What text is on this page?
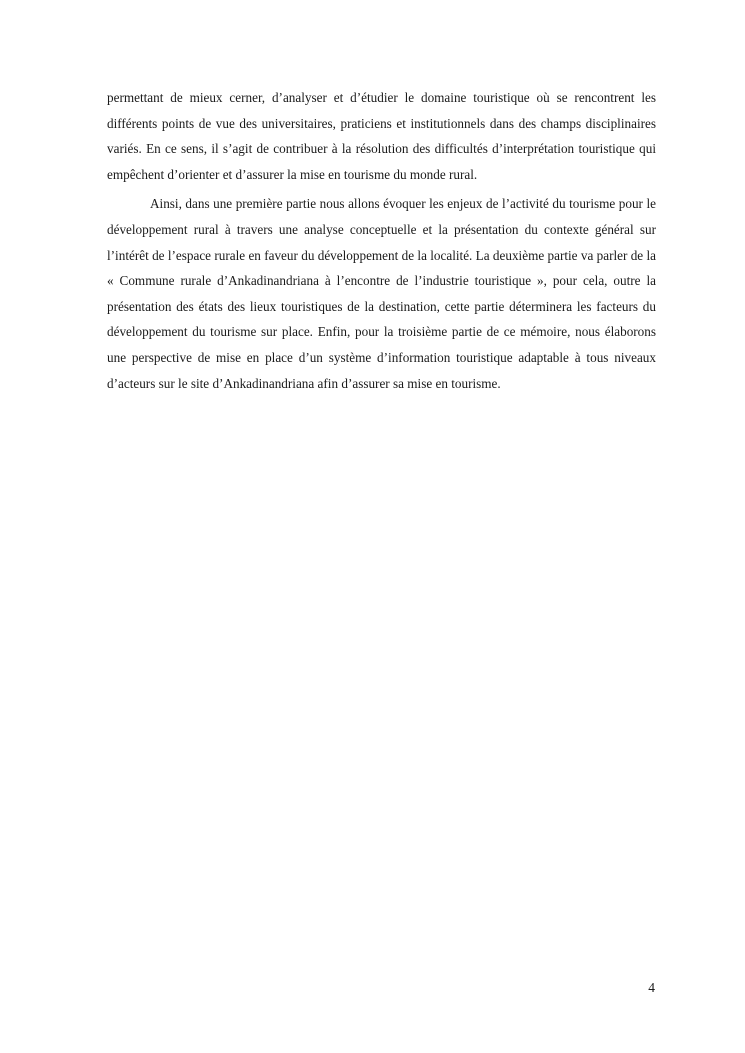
permettant de mieux cerner, d’analyser et d’étudier le domaine touristique où se rencontrent les différents points de vue des universitaires, praticiens et institutionnels dans des champs disciplinaires variés. En ce sens, il s’agit de contribuer à la résolution des difficultés d’interprétation touristique qui empêchent d’orienter et d’assurer la mise en tourisme du monde rural.

Ainsi, dans une première partie nous allons évoquer les enjeux de l’activité du tourisme pour le développement rural à travers une analyse conceptuelle et la présentation du contexte général sur l’intérêt de l’espace rurale en faveur du développement de la localité. La deuxième partie va parler de la « Commune rurale d’Ankadinandriana à l’encontre de l’industrie touristique », pour cela, outre la présentation des états des lieux touristiques de la destination, cette partie déterminera les facteurs du développement du tourisme sur place. Enfin, pour la troisième partie de ce mémoire, nous élaborons une perspective de mise en place d’un système d’information touristique adaptable à tous niveaux d’acteurs sur le site d’Ankadinandriana afin d’assurer sa mise en tourisme.

4
